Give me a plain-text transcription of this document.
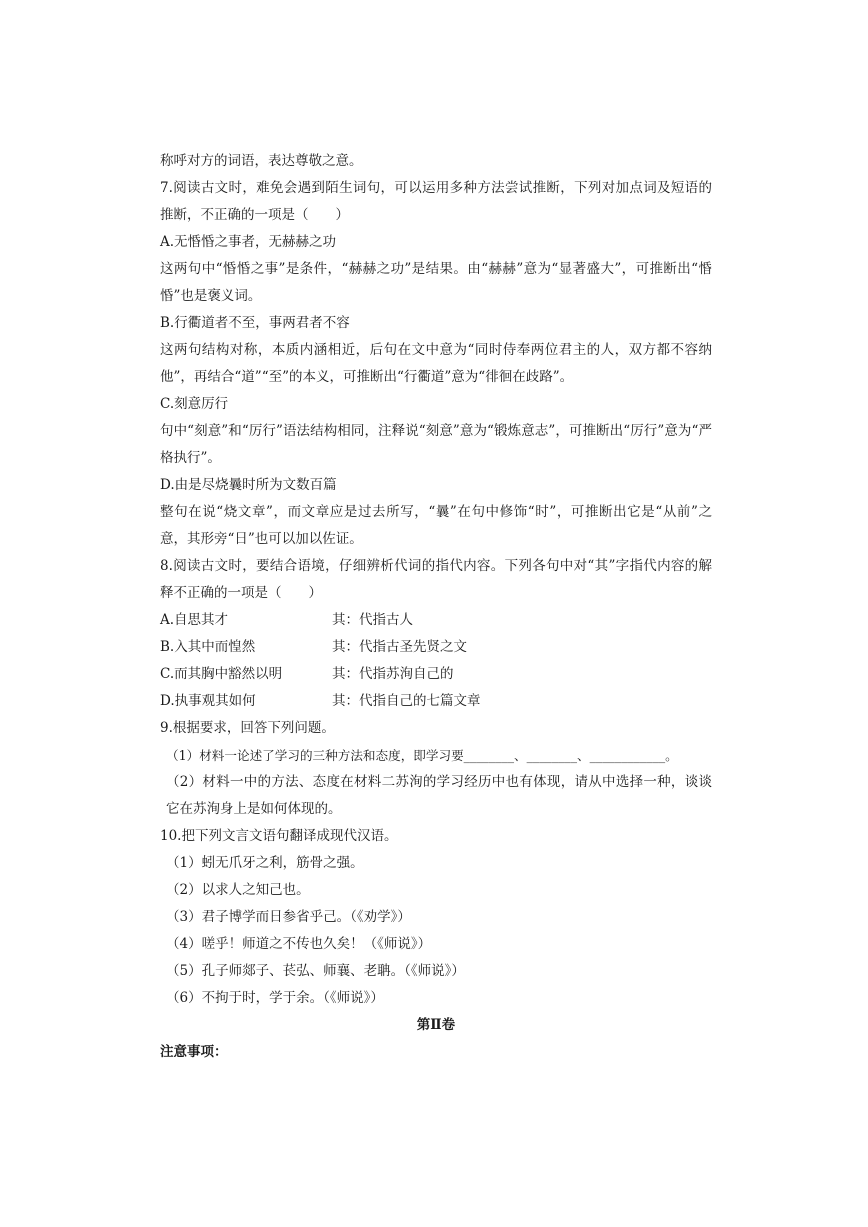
称呼对方的词语，表达尊敬之意。
7.阅读古文时，难免会遇到陌生词句，可以运用多种方法尝试推断，下列对加点词及短语的推断，不正确的一项是（　　）
A.无惛惛之事者，无赫赫之功
这两句中“惛惛之事”是条件，“赫赫之功”是结果。由“赫赫”意为“显著盛大”，可推断出“惛惛”也是褒义词。
B.行衢道者不至，事两君者不容
这两句结构对称，本质内涵相近，后句在文中意为“同时侍奉两位君主的人，双方都不容纳他”，再结合“道”“至”的本义，可推断出“行衢道”意为“徘徊在歧路”。
C.刻意厉行
句中“刻意”和“厉行”语法结构相同，注释说“刻意”意为“锻炼意志”，可推断出“厉行”意为“严格执行”。
D.由是尽烧曩时所为文数百篇
整句在说“烧文章”，而文章应是过去所写，“曩”在句中修饰“时”，可推断出它是“从前”之意，其形旁“日”也可以加以佐证。
8.阅读古文时，要结合语境，仔细辨析代词的指代内容。下列各句中对“其”字指代内容的解释不正确的一项是（　　）
A.自思其才	其：代指古人
B.入其中而惶然	其：代指古圣先贤之文
C.而其胸中豁然以明	其：代指苏洵自己的
D.执事观其如何	其：代指自己的七篇文章
9.根据要求，回答下列问题。
（1）材料一论述了学习的三种方法和态度，即学习要________、________、____________。
（2）材料一中的方法、态度在材料二苏洵的学习经历中也有体现，请从中选择一种，谈谈它在苏洵身上是如何体现的。
10.把下列文言文语句翻译成现代汉语。
（1）蚓无爪牙之利，筋骨之强。
（2）以求人之知己也。
（3）君子博学而日参省乎己。（《劝学》）
（4）嗟乎！师道之不传也久矣！（《师说》）
（5）孔子师郯子、苌弘、师襄、老聃。（《师说》）
（6）不拘于时，学于余。（《师说》）
第Ⅱ卷
注意事项：
